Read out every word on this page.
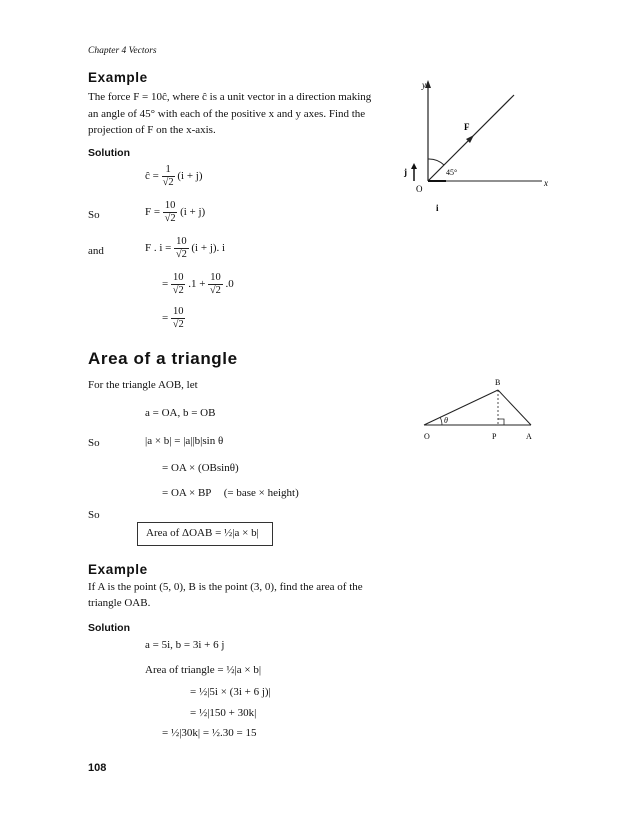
Chapter 4 Vectors
Example
The force F = 10ĉ, where ĉ is a unit vector in a direction making
an angle of 45° with each of the positive x and y axes. Find the
projection of F on the x-axis.
Solution
ĉ = $\frac{1}{√2} (i + j)$
So	$F = \frac{10}{√2} (i + j)$
and	F . $i = \frac{10}{√2} (i + j)$. i
= $\frac{10}{√2} .1 + \frac{10}{√2} .0$
= $\frac{10}{√2}$
y
x
O
F
45°
j
i
Area of a triangle
For the triangle AOB, let
a = OA, b = OB
So	|a × b| = |a||b|sin θ
= OA × (OBsinθ)
= OA × BP (= base × height)
So
Area of ΔOAB = ½|a × b|
B
O	P	A
θ
Example
If A is the point (5, 0), B is the point (3, 0), find the area of the
triangle OAB.
Solution
a = 5i, b = 3i + 6 j
Area of triangle = ½|a × b|
= ½|5i × (3i + 6 j)|
= ½|150 + 30k|
= ½|30k| = ½.30 = 15
108
